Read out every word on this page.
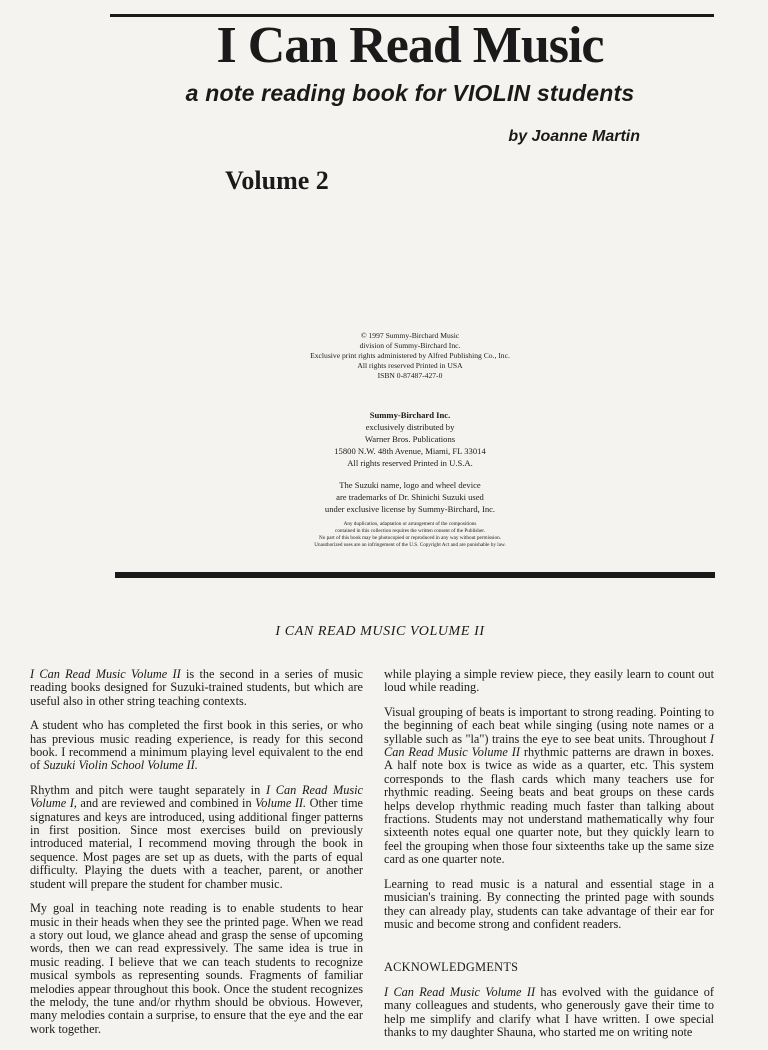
I Can Read Music
a note reading book for VIOLIN students
by Joanne Martin
Volume 2
© 1997 Summy-Birchard Music
division of Summy-Birchard Inc.
Exclusive print rights administered by Alfred Publishing Co., Inc.
All rights reserved Printed in USA
ISBN 0-87487-427-0
Summy-Birchard Inc.
exclusively distributed by
Warner Bros. Publications
15800 N.W. 48th Avenue, Miami, FL 33014
All rights reserved Printed in U.S.A.
The Suzuki name, logo and wheel device
are trademarks of Dr. Shinichi Suzuki used
under exclusive license by Summy-Birchard, Inc.
Any duplication, adaptation or arrangement of the compositions
contained in this collection requires the written consent of the Publisher.
No part of this book may be photocopied or reproduced in any way without permission.
Unauthorized uses are an infringement of the U.S. Copyright Act and are punishable by law.
I CAN READ MUSIC VOLUME II

I Can Read Music Volume II is the second in a series of music reading books designed for Suzuki-trained students, but which are useful also in other string teaching contexts.

A student who has completed the first book in this series, or who has previous music reading experience, is ready for this second book. I recommend a minimum playing level equivalent to the end of Suzuki Violin School Volume II.

Rhythm and pitch were taught separately in I Can Read Music Volume I, and are reviewed and combined in Volume II. Other time signatures and keys are introduced, using additional finger patterns in first position. Since most exercises build on previously introduced material, I recommend moving through the book in sequence. Most pages are set up as duets, with the parts of equal difficulty. Playing the duets with a teacher, parent, or another student will prepare the student for chamber music.

My goal in teaching note reading is to enable students to hear music in their heads when they see the printed page. When we read a story out loud, we glance ahead and grasp the sense of upcoming words, then we can read expressively. The same idea is true in music reading. I believe that we can teach students to recognize musical symbols as representing sounds. Fragments of familiar melodies appear throughout this book. Once the student recognizes the melody, the tune and/or rhythm should be obvious. However, many melodies contain a surprise, to ensure that the eye and the ear work together.

while playing a simple review piece, they easily learn to count out loud while reading.

Visual grouping of beats is important to strong reading. Pointing to the beginning of each beat while singing (using note names or a syllable such as "la") trains the eye to see beat units. Throughout I Can Read Music Volume II rhythmic patterns are drawn in boxes. A half note box is twice as wide as a quarter, etc. This system corresponds to the flash cards which many teachers use for rhythmic reading. Seeing beats and beat groups on these cards helps develop rhythmic reading much faster than talking about fractions. Students may not understand mathematically why four sixteenth notes equal one quarter note, but they quickly learn to feel the grouping when those four sixteenths take up the same size card as one quarter note.

Learning to read music is a natural and essential stage in a musician's training. By connecting the printed page with sounds they can already play, students can take advantage of their ear for music and become strong and confident readers.

ACKNOWLEDGMENTS

I Can Read Music Volume II has evolved with the guidance of many colleagues and students, who generously gave their time to help me simplify and clarify what I have written. I owe special thanks to my daughter Shauna, who started me on writing note
